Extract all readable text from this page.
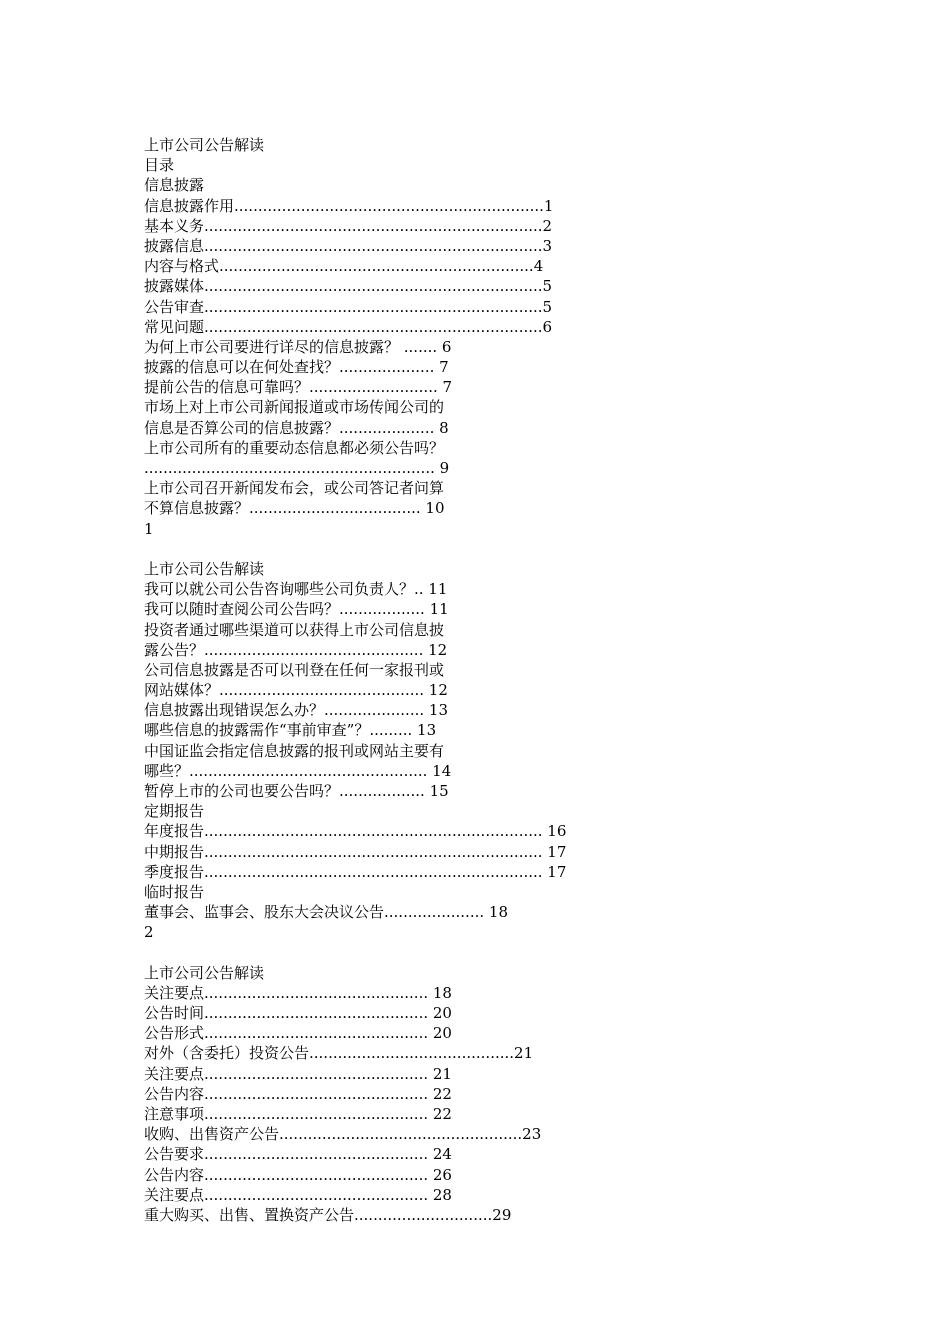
上市公司公告解读
目录
信息披露
信息披露作用.................................................................1
基本义务.......................................................................2
披露信息.......................................................................3
内容与格式..................................................................4
披露媒体.......................................................................5
公告审查.......................................................................5
常见问题.......................................................................6
为何上市公司要进行详尽的信息披露？ ....... 6
披露的信息可以在何处查找？.................... 7
提前公告的信息可靠吗？........................... 7
市场上对上市公司新闻报道或市场传闻公司的
信息是否算公司的信息披露？.................... 8
上市公司所有的重要动态信息都必须公告吗？
............................................................. 9
上市公司召开新闻发布会，或公司答记者问算
不算信息披露？.................................... 10
1
上市公司公告解读
我可以就公司公告咨询哪些公司负责人？.. 11
我可以随时查阅公司公告吗？.................. 11
投资者通过哪些渠道可以获得上市公司信息披
露公告？.............................................. 12
公司信息披露是否可以刊登在任何一家报刊或
网站媒体？........................................... 12
信息披露出现错误怎么办？..................... 13
哪些信息的披露需作“事前审查”？......... 13
中国证监会指定信息披露的报刊或网站主要有
哪些？.................................................. 14
暂停上市的公司也要公告吗？.................. 15
定期报告
年度报告....................................................................... 16
中期报告....................................................................... 17
季度报告....................................................................... 17
临时报告
董事会、监事会、股东大会决议公告..................... 18
2
上市公司公告解读
关注要点............................................... 18
公告时间............................................... 20
公告形式............................................... 20
对外（含委托）投资公告...........................................21
关注要点............................................... 21
公告内容............................................... 22
注意事项............................................... 22
收购、出售资产公告...................................................23
公告要求............................................... 24
公告内容............................................... 26
关注要点............................................... 28
重大购买、出售、置换资产公告.............................29
